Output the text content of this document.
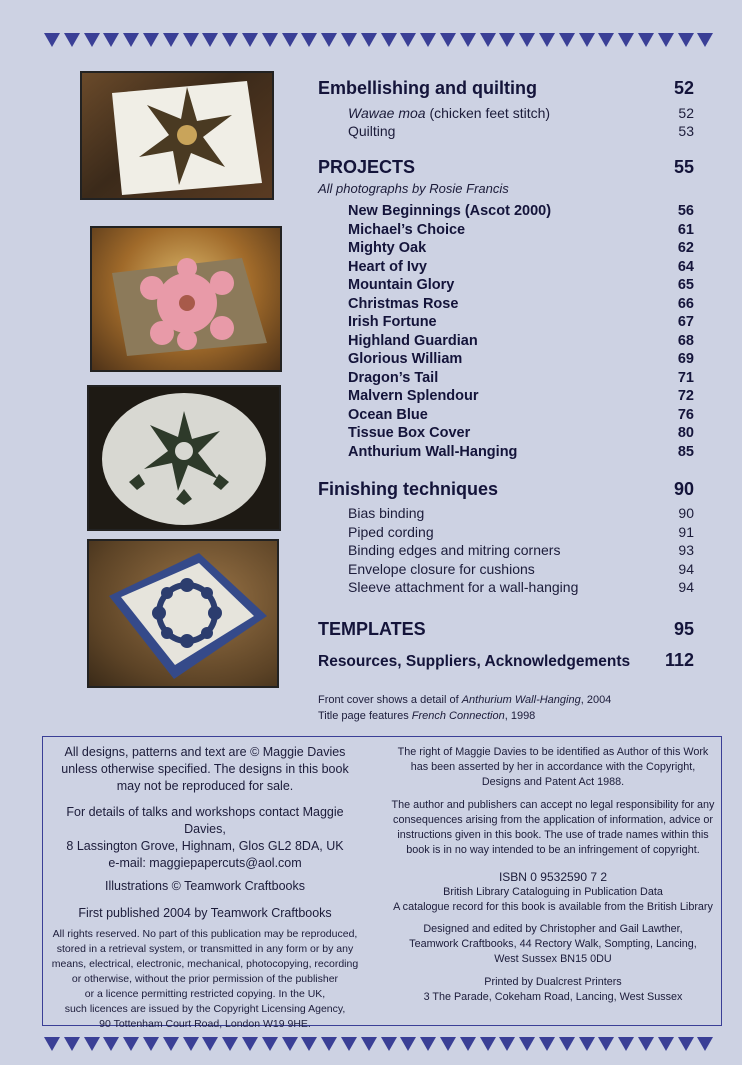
Embellishing and quilting	52
Wawae moa (chicken feet stitch)	52
Quilting	53
PROJECTS	55
All photographs by Rosie Francis
New Beginnings (Ascot 2000)	56
Michael’s Choice	61
Mighty Oak	62
Heart of Ivy	64
Mountain Glory	65
Christmas Rose	66
Irish Fortune	67
Highland Guardian	68
Glorious William	69
Dragon’s Tail	71
Malvern Splendour	72
Ocean Blue	76
Tissue Box Cover	80
Anthurium Wall-Hanging	85
Finishing techniques	90
Bias binding	90
Piped cording	91
Binding edges and mitring corners	93
Envelope closure for cushions	94
Sleeve attachment for a wall-hanging	94
TEMPLATES	95
Resources, Suppliers, Acknowledgements 112
Front cover shows a detail of Anthurium Wall-Hanging, 2004
Title page features French Connection, 1998
All designs, patterns and text are © Maggie Davies
unless otherwise specified. The designs in this book
may not be reproduced for sale.
For details of talks and workshops contact Maggie Davies,
8 Lassington Grove, Highnam, Glos GL2 8DA, UK
e-mail: maggiepapercuts@aol.com
Illustrations © Teamwork Craftbooks
First published 2004 by Teamwork Craftbooks
All rights reserved. No part of this publication may be reproduced,
stored in a retrieval system, or transmitted in any form or by any
means, electrical, electronic, mechanical, photocopying, recording
or otherwise, without the prior permission of the publisher
or a licence permitting restricted copying. In the UK,
such licences are issued by the Copyright Licensing Agency,
90 Tottenham Court Road, London W19 9HE.
The right of Maggie Davies to be identified as Author of this Work
has been asserted by her in accordance with the Copyright,
Designs and Patent Act 1988.
The author and publishers can accept no legal responsibility for any
consequences arising from the application of information, advice or
instructions given in this book. The use of trade names within this
book is in no way intended to be an infringement of copyright.
ISBN 0 9532590 7 2
British Library Cataloguing in Publication Data
A catalogue record for this book is available from the British Library
Designed and edited by Christopher and Gail Lawther,
Teamwork Craftbooks, 44 Rectory Walk, Sompting, Lancing,
West Sussex BN15 0DU
Printed by Dualcrest Printers
3 The Parade, Cokeham Road, Lancing, West Sussex
